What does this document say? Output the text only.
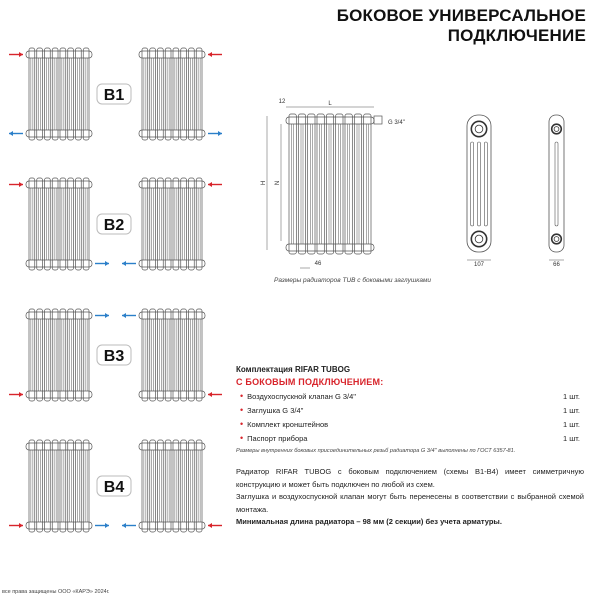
БОКОВОЕ УНИВЕРСАЛЬНОЕ
ПОДКЛЮЧЕНИЕ
B1
B2
B3
B4
L
12
H N
46
G 3/4''
107	66
Размеры радиаторов TUB с боковыми заглушками
Комплектация RIFAR TUBOG
С БОКОВЫМ ПОДКЛЮЧЕНИЕМ:
• Воздухоспускной клапан G 3/4''	1 шт.
• Заглушка G 3/4''	1 шт.
• Комплект кронштейнов	1 шт.
• Паспорт прибора	1 шт.
Размеры внутренних боковых присоединительных резьб радиатора G 3/4'' выполнены по ГОСТ 6357-81.
Радиатор RIFAR TUBOG с боковым подключением (схемы B1-B4) имеет симметричную конструкцию и может быть подключен по любой из схем.
Заглушка и воздухоспускной клапан могут быть перенесены в соответствии с выбранной схемой монтажа.
Минимальная длина радиатора – 98 мм (2 секции) без учета арматуры.
все права защищены ООО «КАРЭ» 2024г.
